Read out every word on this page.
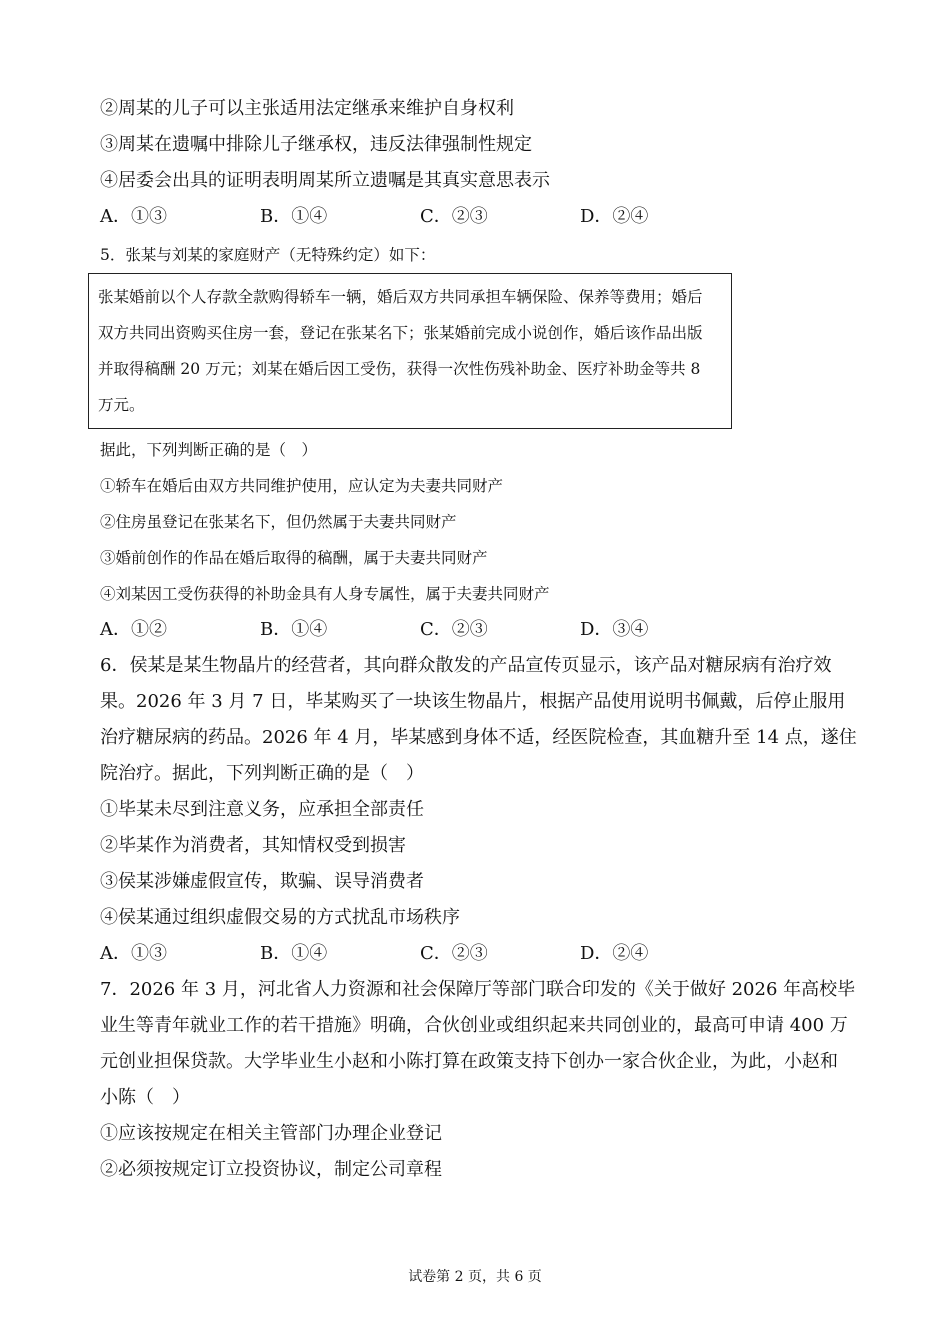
②周某的儿子可以主张适用法定继承来维护自身权利
③周某在遗嘱中排除儿子继承权，违反法律强制性规定
④居委会出具的证明表明周某所立遗嘱是其真实意思表示
A．①③	B．①④	C．②③	D．②④
5．张某与刘某的家庭财产（无特殊约定）如下：
张某婚前以个人存款全款购得轿车一辆，婚后双方共同承担车辆保险、保养等费用；婚后
双方共同出资购买住房一套，登记在张某名下；张某婚前完成小说创作，婚后该作品出版
并取得稿酬 20 万元；刘某在婚后因工受伤，获得一次性伤残补助金、医疗补助金等共 8
万元。
据此，下列判断正确的是（　）
①轿车在婚后由双方共同维护使用，应认定为夫妻共同财产
②住房虽登记在张某名下，但仍然属于夫妻共同财产
③婚前创作的作品在婚后取得的稿酬，属于夫妻共同财产
④刘某因工受伤获得的补助金具有人身专属性，属于夫妻共同财产
A．①②	B．①④	C．②③	D．③④
6．侯某是某生物晶片的经营者，其向群众散发的产品宣传页显示，该产品对糖尿病有治疗效
果。2026 年 3 月 7 日，毕某购买了一块该生物晶片，根据产品使用说明书佩戴，后停止服用
治疗糖尿病的药品。2026 年 4 月，毕某感到身体不适，经医院检查，其血糖升至 14 点，遂住
院治疗。据此，下列判断正确的是（　）
①毕某未尽到注意义务，应承担全部责任
②毕某作为消费者，其知情权受到损害
③侯某涉嫌虚假宣传，欺骗、误导消费者
④侯某通过组织虚假交易的方式扰乱市场秩序
A．①③	B．①④	C．②③	D．②④
7．2026 年 3 月，河北省人力资源和社会保障厅等部门联合印发的《关于做好 2026 年高校毕
业生等青年就业工作的若干措施》明确，合伙创业或组织起来共同创业的，最高可申请 400 万
元创业担保贷款。大学毕业生小赵和小陈打算在政策支持下创办一家合伙企业，为此，小赵和
小陈（　）
①应该按规定在相关主管部门办理企业登记
②必须按规定订立投资协议，制定公司章程
试卷第 2 页，共 6 页
